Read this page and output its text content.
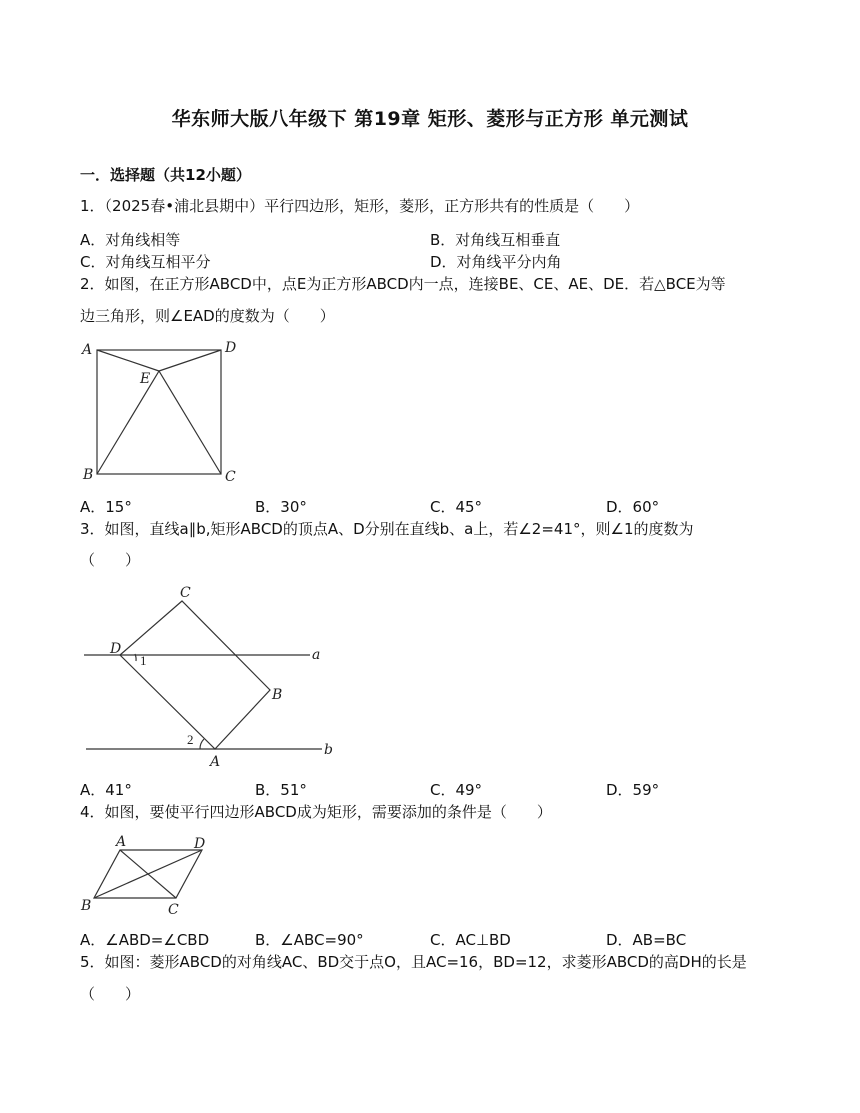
华东师大版八年级下 第19章 矩形、菱形与正方形 单元测试
一．选择题（共12小题）
1．（2025春•浦北县期中）平行四边形，矩形，菱形，正方形共有的性质是（　　）
A．对角线相等	B．对角线互相垂直
C．对角线互相平分	D．对角线平分内角
2．如图，在正方形ABCD中，点E为正方形ABCD内一点，连接BE、CE、AE、DE．若△BCE为等
边三角形，则∠EAD的度数为（　　）
A	D
E
B	C
A．15°	B．30°	C．45°	D．60°
3．如图，直线a∥b,矩形ABCD的顶点A、D分别在直线b、a上，若∠2=41°，则∠1的度数为
（　　）
C
D
1	a
B
2
b
A
A．41°	B．51°	C．49°	D．59°
4．如图，要使平行四边形ABCD成为矩形，需要添加的条件是（　　）
A	D
B	C
A．∠ABD=∠CBD	B．∠ABC=90°	C．AC⊥BD	D．AB=BC
5．如图：菱形ABCD的对角线AC、BD交于点O，且AC=16，BD=12，求菱形ABCD的高DH的长是
（　　）
